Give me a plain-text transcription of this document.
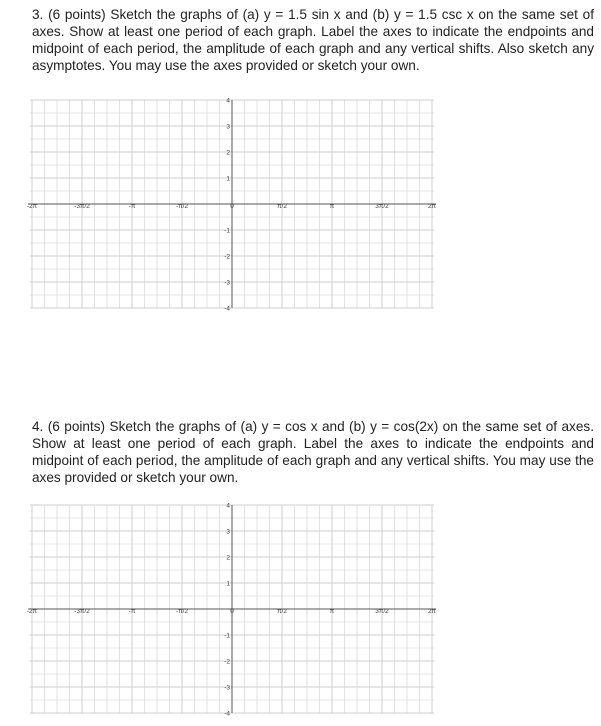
3. (6 points) Sketch the graphs of (a) y = 1.5 sin x and (b) y = 1.5 csc x on the same set of axes. Show at least one period of each graph. Label the axes to indicate the endpoints and midpoint of each period, the amplitude of each graph and any vertical shifts. Also sketch any asymptotes. You may use the axes provided or sketch your own.
-2π	-3π/2	-π	-π/2	0	π/2	π	3π/2	2π
4
3
2
1
-1
-2
-3
-4
4. (6 points) Sketch the graphs of (a) y = cos x and (b) y = cos(2x) on the same set of axes. Show at least one period of each graph. Label the axes to indicate the endpoints and midpoint of each period, the amplitude of each graph and any vertical shifts. You may use the axes provided or sketch your own.
-2π	-3π/2	-π	-π/2	0	π/2	π	3π/2	2π
4
3
2
1
-1
-2
-3
-4
